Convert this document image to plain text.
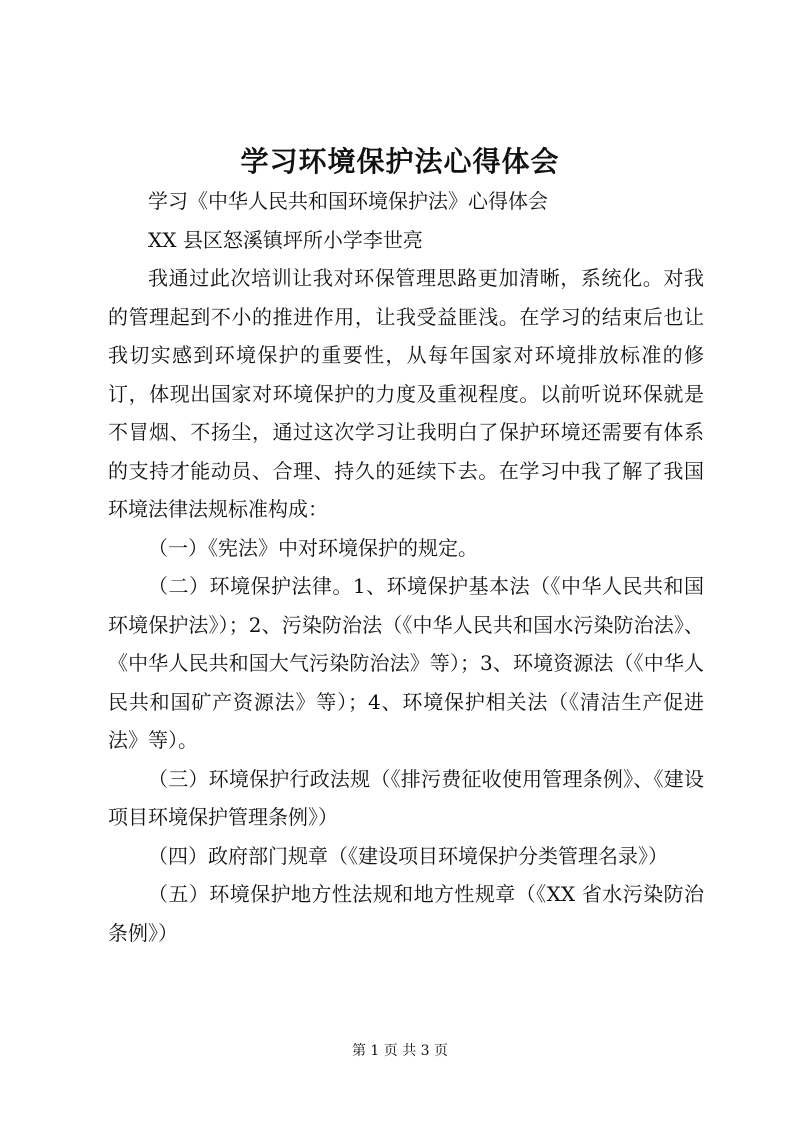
学习环境保护法心得体会

学习《中华人民共和国环境保护法》心得体会

XX 县区怒溪镇坪所小学李世亮

我通过此次培训让我对环保管理思路更加清晰，系统化。对我的管理起到不小的推进作用，让我受益匪浅。在学习的结束后也让我切实感到环境保护的重要性，从每年国家对环境排放标准的修订，体现出国家对环境保护的力度及重视程度。以前听说环保就是不冒烟、不扬尘，通过这次学习让我明白了保护环境还需要有体系的支持才能动员、合理、持久的延续下去。在学习中我了解了我国环境法律法规标准构成：

（一）《宪法》中对环境保护的规定。

（二）环境保护法律。1、环境保护基本法（《中华人民共和国环境保护法》）；2、污染防治法（《中华人民共和国水污染防治法》、《中华人民共和国大气污染防治法》等）；3、环境资源法（《中华人民共和国矿产资源法》等）；4、环境保护相关法（《清洁生产促进法》等）。

（三）环境保护行政法规（《排污费征收使用管理条例》、《建设项目环境保护管理条例》）

（四）政府部门规章（《建设项目环境保护分类管理名录》）

（五）环境保护地方性法规和地方性规章（《XX 省水污染防治条例》）

第 1 页 共 3 页
